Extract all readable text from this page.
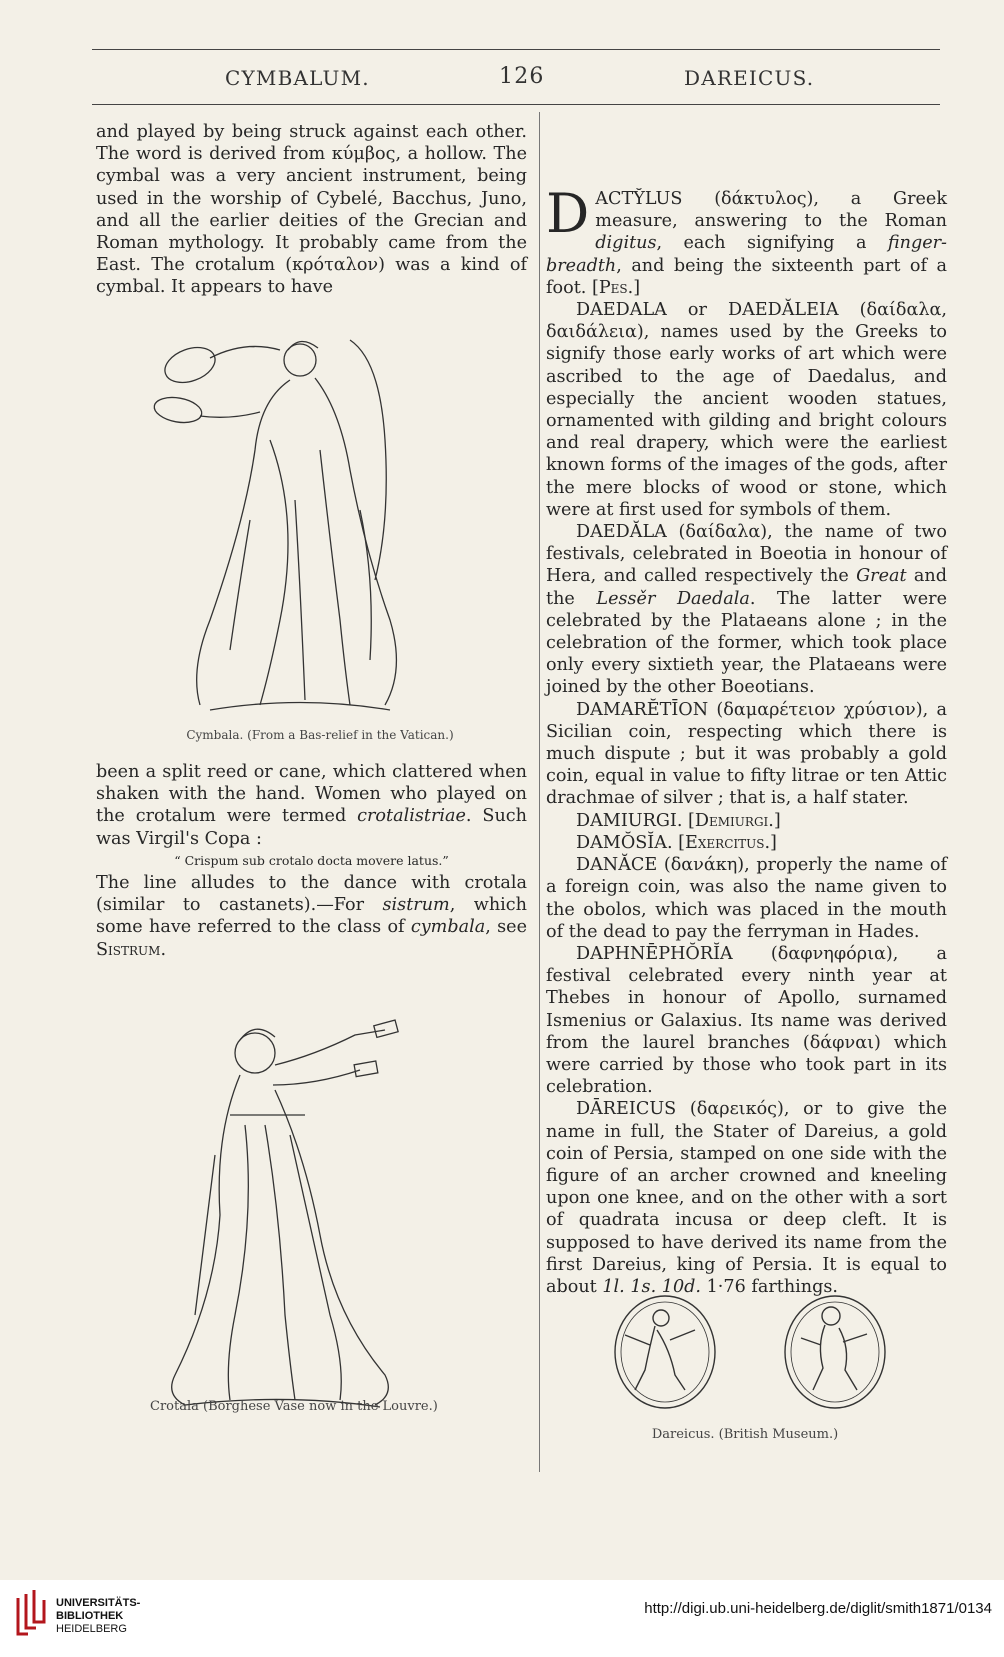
CYMBALUM.	126	DAREICUS.

and played by being struck against each other. The word is derived from κύμβος, a hollow. The cymbal was a very ancient instrument, being used in the worship of Cybelé, Bacchus, Juno, and all the earlier deities of the Grecian and Roman mythology. It probably came from the East. The crotalum (κρόταλον) was a kind of cymbal. It appears to have

Cymbala. (From a Bas-relief in the Vatican.)

been a split reed or cane, which clattered when shaken with the hand. Women who played on the crotalum were termed crotalistriae. Such was Virgil's Copa :

“ Crispum sub crotalo docta movere latus.”

The line alludes to the dance with crotala (similar to castanets).—For sistrum, which some have referred to the class of cymbala, see Sistrum.

Crotala (Borghese Vase now in the Louvre.)

DACTY̆LUS (δάκτυλος), a Greek measure, answering to the Roman digitus, each signifying a finger-breadth, and being the sixteenth part of a foot. [Pes.]

DAEDALA or DAEDĂLEIA (δαίδαλα, δαιδάλεια), names used by the Greeks to signify those early works of art which were ascribed to the age of Daedalus, and especially the ancient wooden statues, ornamented with gilding and bright colours and real drapery, which were the earliest known forms of the images of the gods, after the mere blocks of wood or stone, which were at first used for symbols of them.

DAEDĂLA (δαίδαλα), the name of two festivals, celebrated in Boeotia in honour of Hera, and called respectively the Great and the Lessěr Daedala. The latter were celebrated by the Plataeans alone ; in the celebration of the former, which took place only every sixtieth year, the Plataeans were joined by the other Boeotians.

DAMARĔTĪON (δαμαρέτειον χρύσιον), a Sicilian coin, respecting which there is much dispute ; but it was probably a gold coin, equal in value to fifty litrae or ten Attic drachmae of silver ; that is, a half stater.

DAMIURGI. [Demiurgi.]

DAMŎSĬA. [Exercitus.]

DANĂCE (δανάκη), properly the name of a foreign coin, was also the name given to the obolos, which was placed in the mouth of the dead to pay the ferryman in Hades.

DAPHNĒPHŎRĬA (δαφνηφόρια), a festival celebrated every ninth year at Thebes in honour of Apollo, surnamed Ismenius or Galaxius. Its name was derived from the laurel branches (δάφναι) which were carried by those who took part in its celebration.

DĀREICUS (δαρεικός), or to give the name in full, the Stater of Dareius, a gold coin of Persia, stamped on one side with the figure of an archer crowned and kneeling upon one knee, and on the other with a sort of quadrata incusa or deep cleft. It is supposed to have derived its name from the first Dareius, king of Persia. It is equal to about 1l. 1s. 10d. 1·76 farthings.

Dareicus. (British Museum.)
UNIVERSITÄTS-
BIBLIOTHEK
HEIDELBERG
http://digi.ub.uni-heidelberg.de/diglit/smith1871/0134
